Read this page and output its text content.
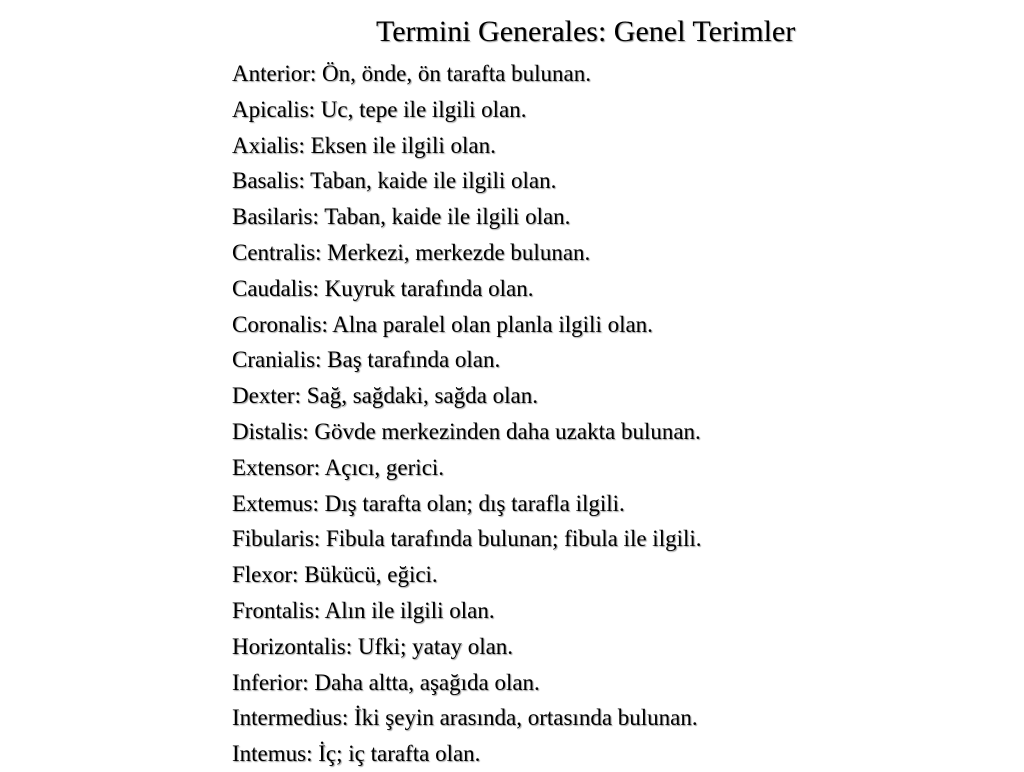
Termini Generales: Genel Terimler
Anterior: Ön, önde, ön tarafta bulunan.
Apicalis: Uc, tepe ile ilgili olan.
Axialis: Eksen ile ilgili olan.
Basalis: Taban, kaide ile ilgili olan.
Basilaris: Taban, kaide ile ilgili olan.
Centralis: Merkezi, merkezde bulunan.
Caudalis: Kuyruk tarafında olan.
Coronalis: Alna paralel olan planla ilgili olan.
Cranialis: Baş tarafında olan.
Dexter: Sağ, sağdaki, sağda olan.
Distalis: Gövde merkezinden daha uzakta bulunan.
Extensor: Açıcı, gerici.
Extemus: Dış tarafta olan; dış tarafla ilgili.
Fibularis: Fibula tarafında bulunan; fibula ile ilgili.
Flexor: Bükücü, eğici.
Frontalis: Alın ile ilgili olan.
Horizontalis: Ufki; yatay olan.
Inferior: Daha altta, aşağıda olan.
Intermedius: İki şeyin arasında, ortasında bulunan.
Intemus: İç; iç tarafta olan.
